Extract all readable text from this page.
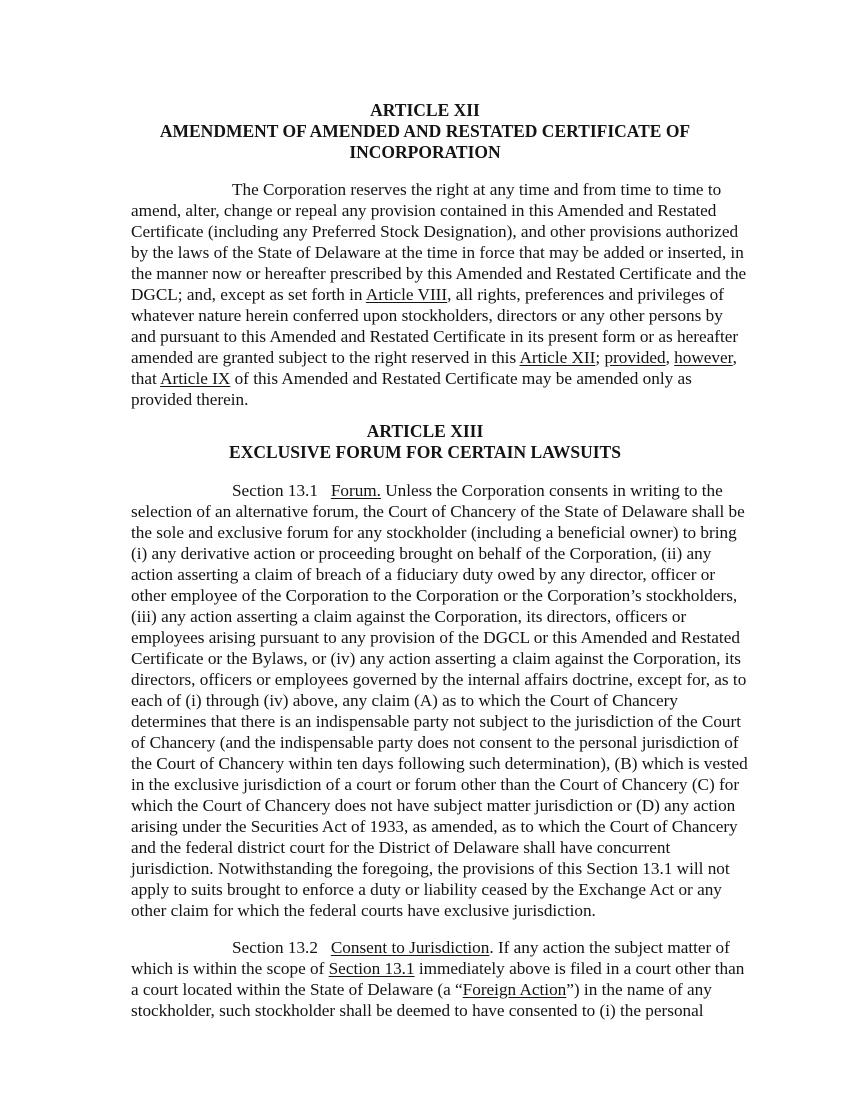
ARTICLE XII

AMENDMENT OF AMENDED AND RESTATED CERTIFICATE OF

INCORPORATION

The Corporation reserves the right at any time and from time to time to

amend, alter, change or repeal any provision contained in this Amended and Restated

Certificate (including any Preferred Stock Designation), and other provisions authorized

by the laws of the State of Delaware at the time in force that may be added or inserted, in

the manner now or hereafter prescribed by this Amended and Restated Certificate and the

DGCL; and, except as set forth in Article VIII, all rights, preferences and privileges of

whatever nature herein conferred upon stockholders, directors or any other persons by

and pursuant to this Amended and Restated Certificate in its present form or as hereafter

amended are granted subject to the right reserved in this Article XII; provided, however,

that Article IX of this Amended and Restated Certificate may be amended only as

provided therein.

ARTICLE XIII

EXCLUSIVE FORUM FOR CERTAIN LAWSUITS

Section 13.1 Forum. Unless the Corporation consents in writing to the

selection of an alternative forum, the Court of Chancery of the State of Delaware shall be

the sole and exclusive forum for any stockholder (including a beneficial owner) to bring

(i) any derivative action or proceeding brought on behalf of the Corporation, (ii) any

action asserting a claim of breach of a fiduciary duty owed by any director, officer or

other employee of the Corporation to the Corporation or the Corporation’s stockholders,

(iii) any action asserting a claim against the Corporation, its directors, officers or

employees arising pursuant to any provision of the DGCL or this Amended and Restated

Certificate or the Bylaws, or (iv) any action asserting a claim against the Corporation, its

directors, officers or employees governed by the internal affairs doctrine, except for, as to

each of (i) through (iv) above, any claim (A) as to which the Court of Chancery

determines that there is an indispensable party not subject to the jurisdiction of the Court

of Chancery (and the indispensable party does not consent to the personal jurisdiction of

the Court of Chancery within ten days following such determination), (B) which is vested

in the exclusive jurisdiction of a court or forum other than the Court of Chancery (C) for

which the Court of Chancery does not have subject matter jurisdiction or (D) any action

arising under the Securities Act of 1933, as amended, as to which the Court of Chancery

and the federal district court for the District of Delaware shall have concurrent

jurisdiction. Notwithstanding the foregoing, the provisions of this Section 13.1 will not

apply to suits brought to enforce a duty or liability ceased by the Exchange Act or any

other claim for which the federal courts have exclusive jurisdiction.

Section 13.2 Consent to Jurisdiction. If any action the subject matter of

which is within the scope of Section 13.1 immediately above is filed in a court other than

a court located within the State of Delaware (a “Foreign Action”) in the name of any

stockholder, such stockholder shall be deemed to have consented to (i) the personal
